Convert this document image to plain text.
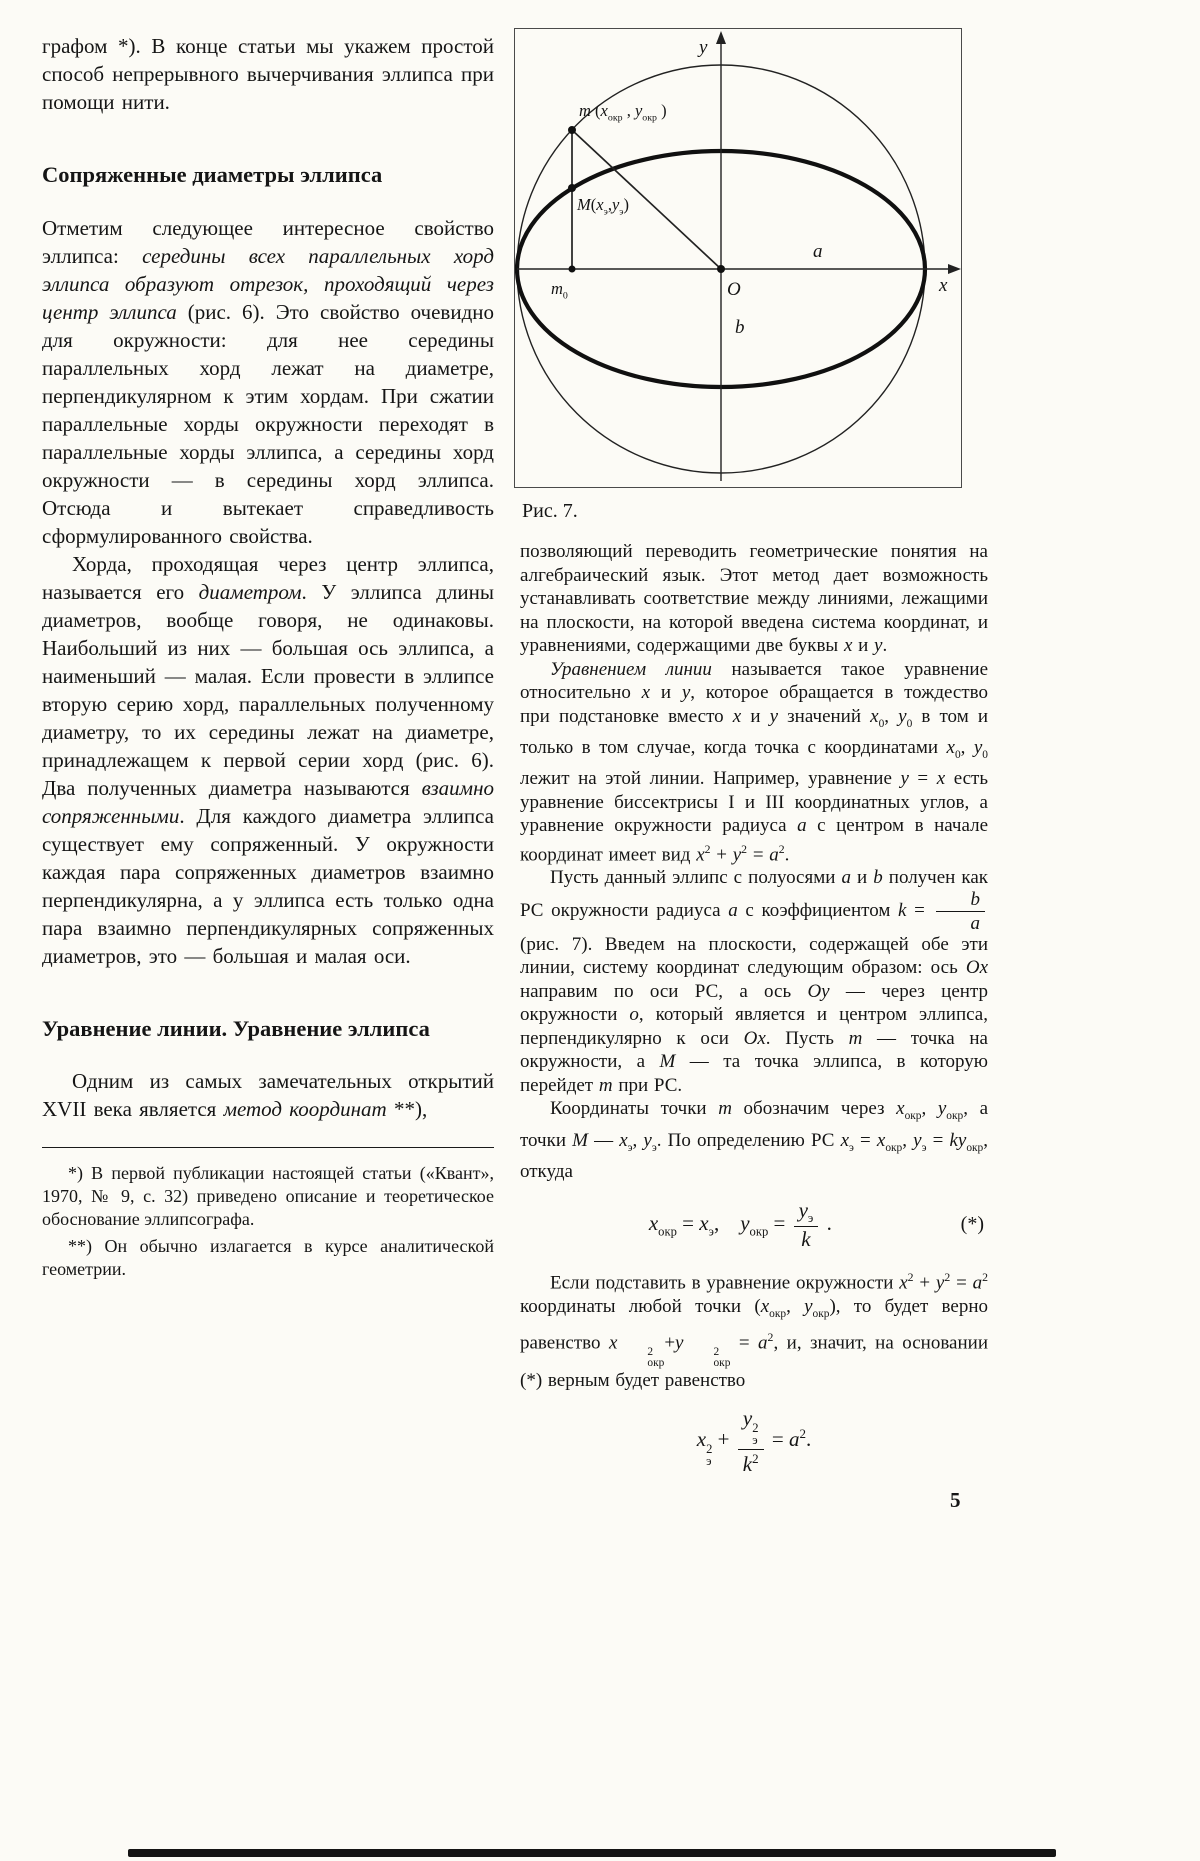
графом *). В конце статьи мы укажем простой способ непрерывного вычерчивания эллипса при помощи нити.

Сопряженные диаметры эллипса

Отметим следующее интересное свойство эллипса: середины всех параллельных хорд эллипса образуют отрезок, проходящий через центр эллипса (рис. 6). Это свойство очевидно для окружности: для нее середины параллельных хорд лежат на диаметре, перпендикулярном к этим хордам. При сжатии параллельные хорды окружности переходят в параллельные хорды эллипса, а середины хорд окружности — в середины хорд эллипса. Отсюда и вытекает справедливость сформулированного свойства.

Хорда, проходящая через центр эллипса, называется его диаметром. У эллипса длины диаметров, вообще говоря, не одинаковы. Наибольший из них — большая ось эллипса, а наименьший — малая. Если провести в эллипсе вторую серию хорд, параллельных полученному диаметру, то их середины лежат на диаметре, принадлежащем к первой серии хорд (рис. 6). Два полученных диаметра называются взаимно сопряженными. Для каждого диаметра эллипса существует ему сопряженный. У окружности каждая пара сопряженных диаметров взаимно перпендикулярна, а у эллипса есть только одна пара взаимно перпендикулярных сопряженных диаметров, это — большая и малая оси.

Уравнение линии. Уравнение эллипса

Одним из самых замечательных открытий XVII века является метод координат **),

*) В первой публикации настоящей статьи («Квант», 1970, № 9, с. 32) приведено описание и теоретическое обоснование эллипсографа.

**) Он обычно излагается в курсе аналитической геометрии.

у
х
m ($x_{окр}$ , $у_{окр}$ )
$М(x_э,у_э)$
$m_0$	O
a
b
Рис. 7.

позволяющий переводить геометрические понятия на алгебраический язык. Этот метод дает возможность устанавливать соответствие между линиями, лежащими на плоскости, на которой введена система координат, и уравнениями, содержащими две буквы x и у.

Уравнением линии называется такое уравнение относительно x и у, которое обращается в тождество при подстановке вместо x и у значений $x_0$, $у_0$ в том и только в том случае, когда точка с координатами $x_0$, $у_0$ лежит на этой линии. Например, уравнение у = x есть уравнение биссектрисы I и III координатных углов, а уравнение окружности радиуса a с центром в начале координат имеет вид $x^2 + у^2 = a^2$.

Пусть данный эллипс с полуосями a и b получен как РС окружности радиуса a с коэффициентом $k = \frac{b}{a}$
(рис. 7). Введем на плоскости, содержащей обе эти линии, систему координат следующим образом: ось Ox направим по оси РС, а ось Oу — через центр окружности o, который является и центром эллипса, перпендикулярно к оси Ox. Пусть m — точка на окружности, а М — та точка эллипса, в которую перейдет m при РС.

Координаты точки m обозначим через $x_{окр}$, $у_{окр}$, а точки M — $x_э$, $у_э$. По определению РС $x_э = x_{окр}$, $у_э = kу_{окр}$, откуда

$x_{окр} = x_э$,    $у_{окр} = \frac{у_э}{k}$ .	(*)

Если подставить в уравнение окружности $x^2 + у^2 = a^2$ координаты любой точки ($x_{окр}$, $у_{окр}$), то будет верно равенство x	2
окр
+у	2
окр
= $a^2$, и, значит, на основании (*) верным будет равенство

x 2
э
+ у 2
э
$k^2 = a^2$.
5
